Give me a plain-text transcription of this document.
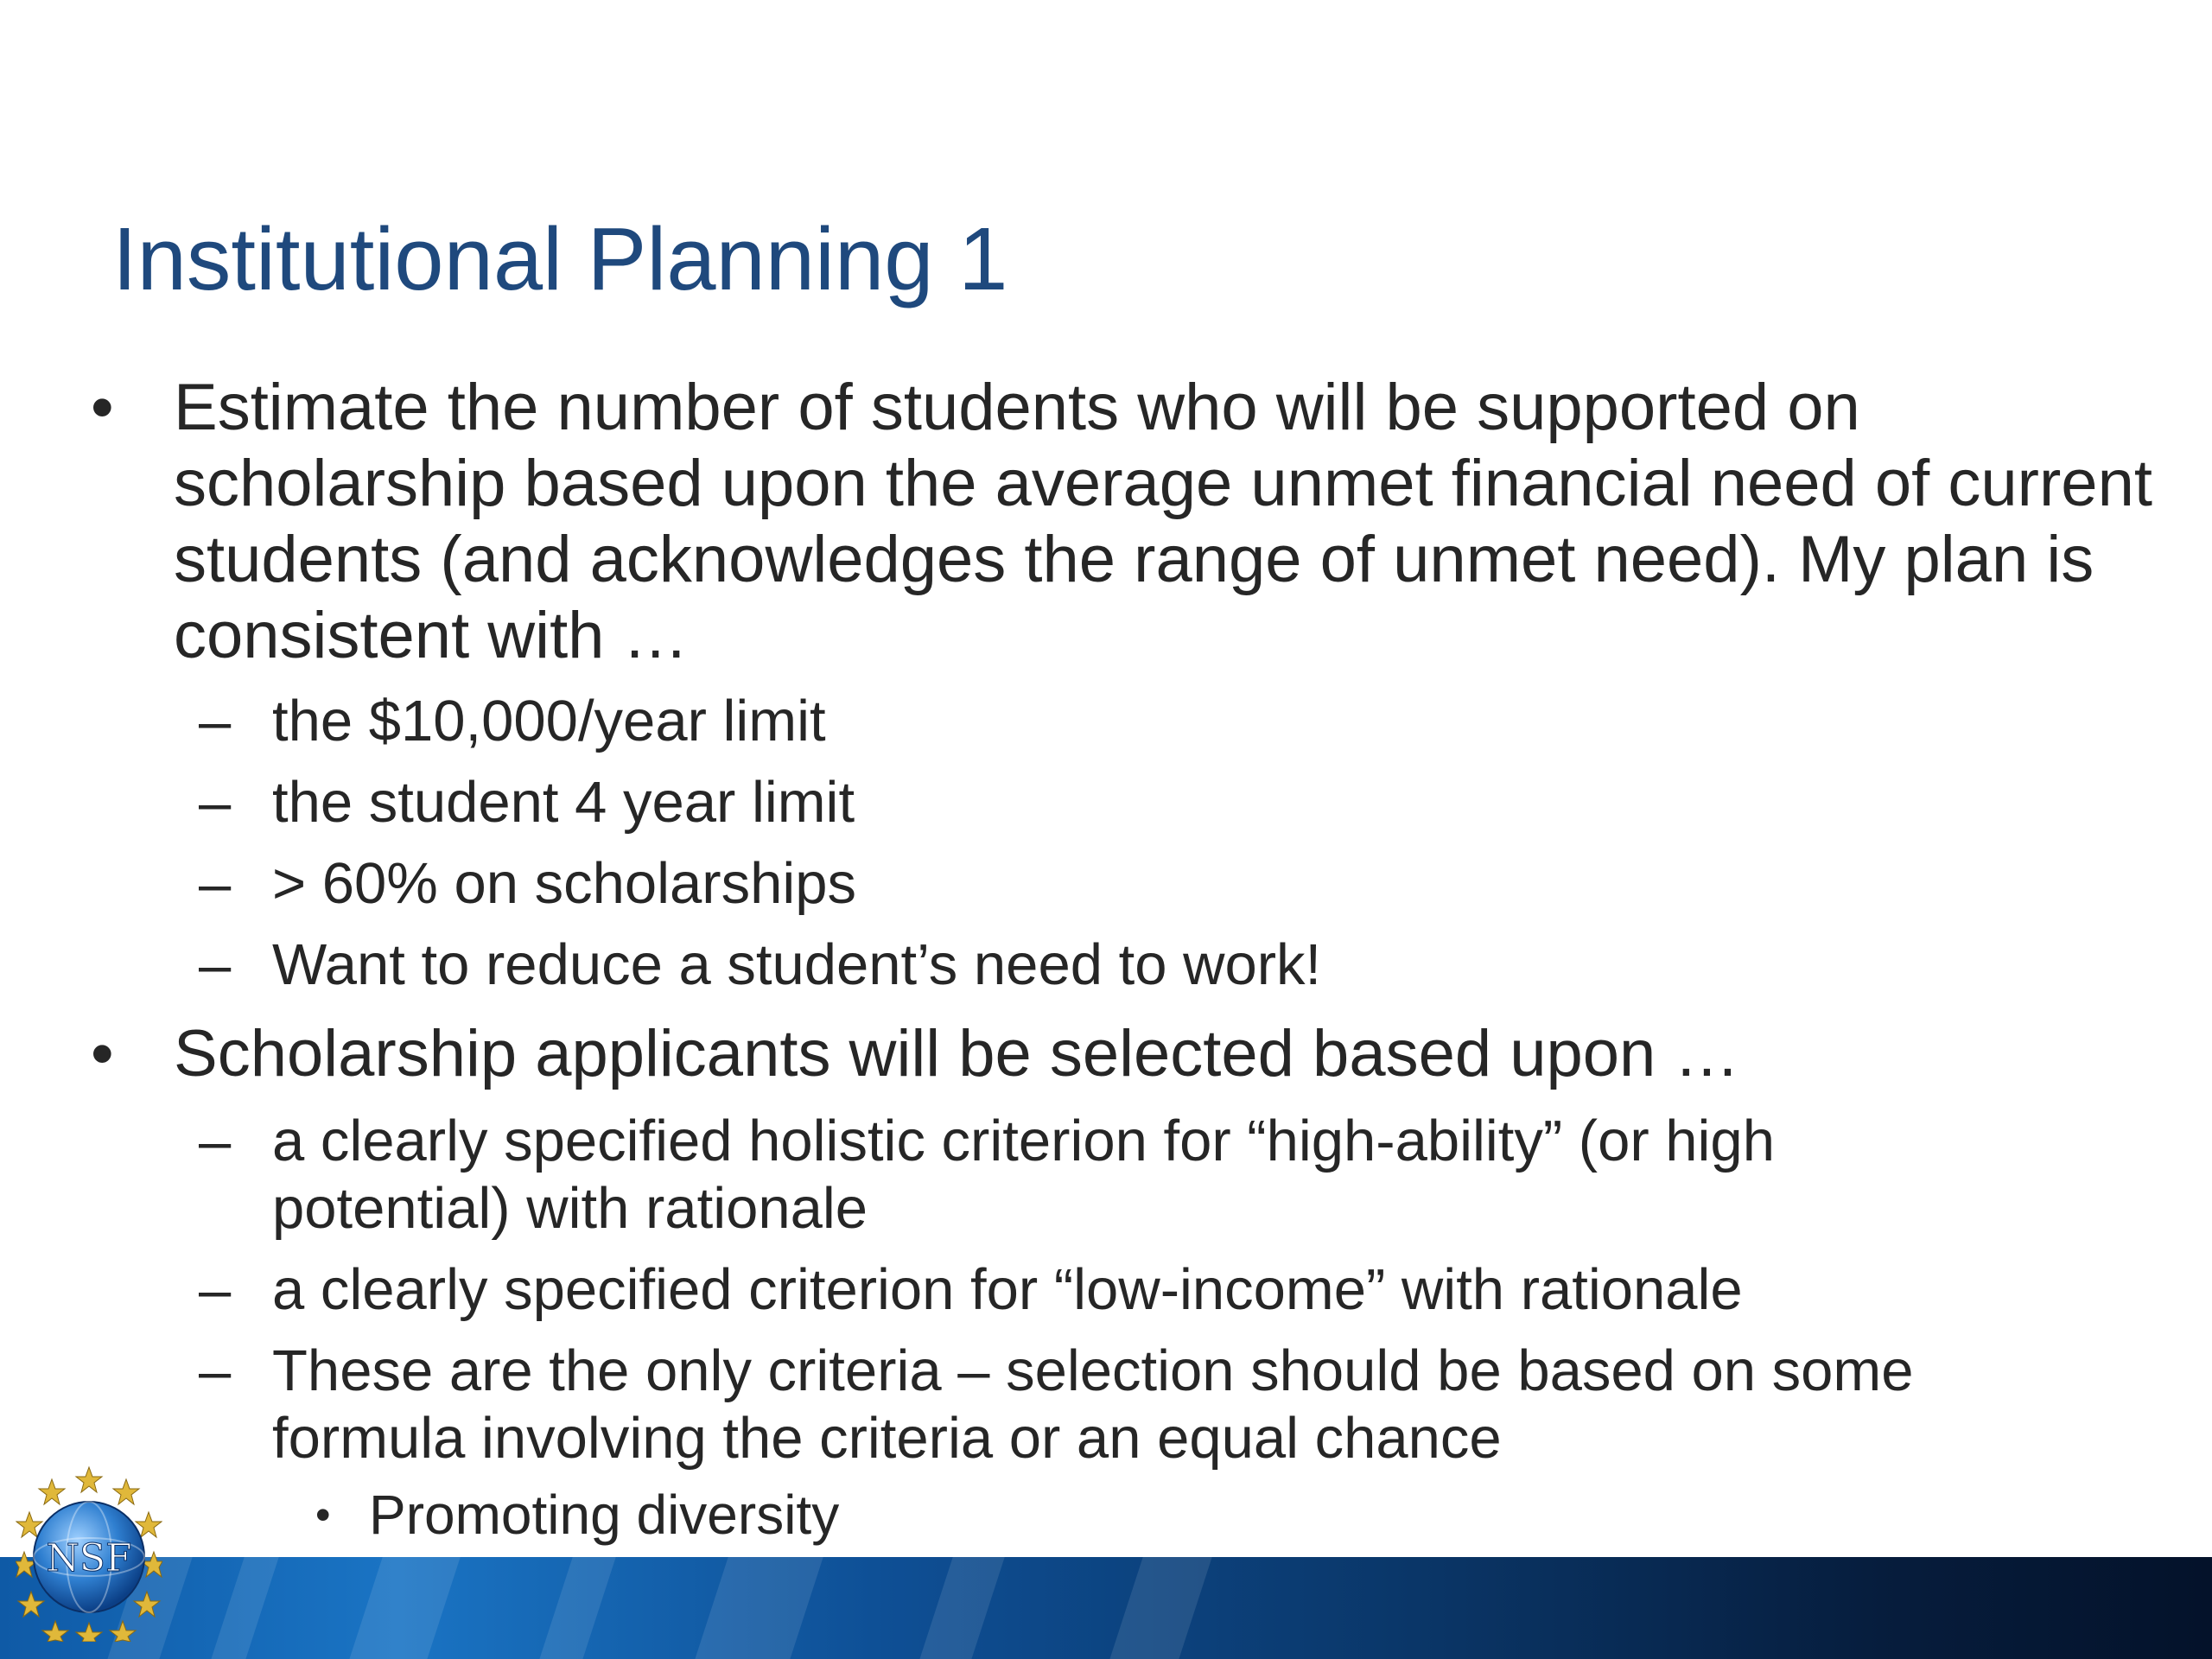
Institutional Planning 1
• Estimate the number of students who will be supported on scholarship based upon the average unmet financial need of current students (and acknowledges the range of unmet need). My plan is consistent with …
– the $10,000/year limit
– the student 4 year limit
– > 60% on scholarships
– Want to reduce a student’s need to work!
• Scholarship applicants will be selected based upon …
– a clearly specified holistic criterion for “high-ability” (or high potential) with rationale
– a clearly specified criterion for “low-income” with rationale
– These are the only criteria – selection should be based on some formula involving the criteria or an equal chance
• Promoting diversity
NSF
